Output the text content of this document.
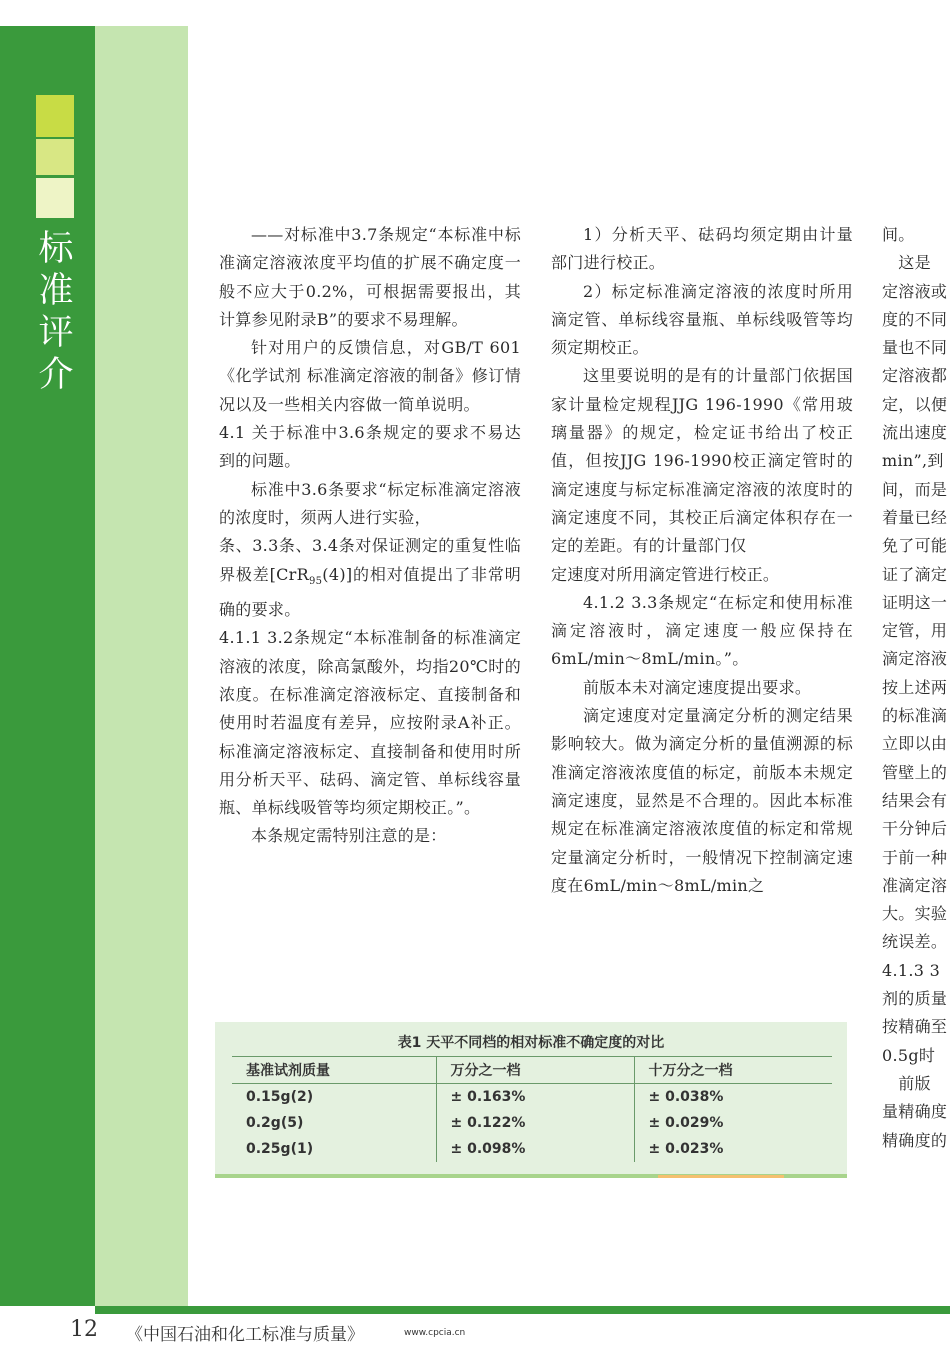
标准评介

——对标准中3.7条规定“本标准中标准滴定溶液浓度平均值的扩展不确定度一般不应大于0.2%，可根据需要报出，其计算参见附录B”的要求不易理解。

针对用户的反馈信息，对GB/T 601《化学试剂 标准滴定溶液的制备》修订情况以及一些相关内容做一简单说明。

4.1 关于标准中3.6条规定的要求不易达到的问题。

标准中3.6条要求“标定标准滴定溶液的浓度时，须两人进行实验，

条、3.3条、3.4条对保证测定的重复性临界极差[CrR$_{95}$(4)]的相对值提出了非常明确的要求。

4.1.1 3.2条规定“本标准制备的标准滴定溶液的浓度，除高氯酸外，均指20℃时的浓度。在标准滴定溶液标定、直接制备和使用时若温度有差异，应按附录A补正。标准滴定溶液标定、直接制备和使用时所用分析天平、砝码、滴定管、单标线容量瓶、单标线吸管等均须定期校正。”。

本条规定需特别注意的是：

1）分析天平、砝码均须定期由计量部门进行校正。

2）标定标准滴定溶液的浓度时所用滴定管、单标线容量瓶、单标线吸管等均须定期校正。

这里要说明的是有的计量部门依据国家计量检定规程JJG 196-1990《常用玻璃量器》的规定，检定证书给出了校正值，但按JJG 196-1990校正滴定管时的滴定速度与标定标准滴定溶液的浓度时的滴定速度不同，其校正后滴定体积存在一定的差距。有的计量部门仅

定速度对所用滴定管进行校正。

4.1.2 3.3条规定“在标定和使用标准滴定溶液时，滴定速度一般应保持在6mL/min～8mL/min。”。

前版本未对滴定速度提出要求。

滴定速度对定量滴定分析的测定结果影响较大。做为滴定分析的量值溯源的标准滴定溶液浓度值的标定，前版本未规定滴定速度，显然是不合理的。因此本标准规定在标准滴定溶液浓度值的标定和常规定量滴定分析时，一般情况下控制滴定速度在6mL/min～8mL/min之

间。
　这是
定溶液或
度的不同
量也不同
定溶液都
定，以便
流出速度
min”,到
间，而是
着量已经
免了可能
证了滴定
证明这一
定管，用
滴定溶液
按上述两
的标准滴
立即以由
管壁上的
结果会有
干分钟后
于前一种
准滴定溶
大。实验
统误差。
4.1.3 3
剂的质量
按精确至
0.5g时
　前版
量精确度
精确度的
表1 天平不同档的相对标准不确定度的对比
基准试剂质量	万分之一档	十万分之一档
0.15g(2)	± 0.163%	± 0.038%
0.2g(5)	± 0.122%	± 0.029%
0.25g(1)	± 0.098%	± 0.023%
12 《中国石油和化工标准与质量》	www.cpcia.cn
